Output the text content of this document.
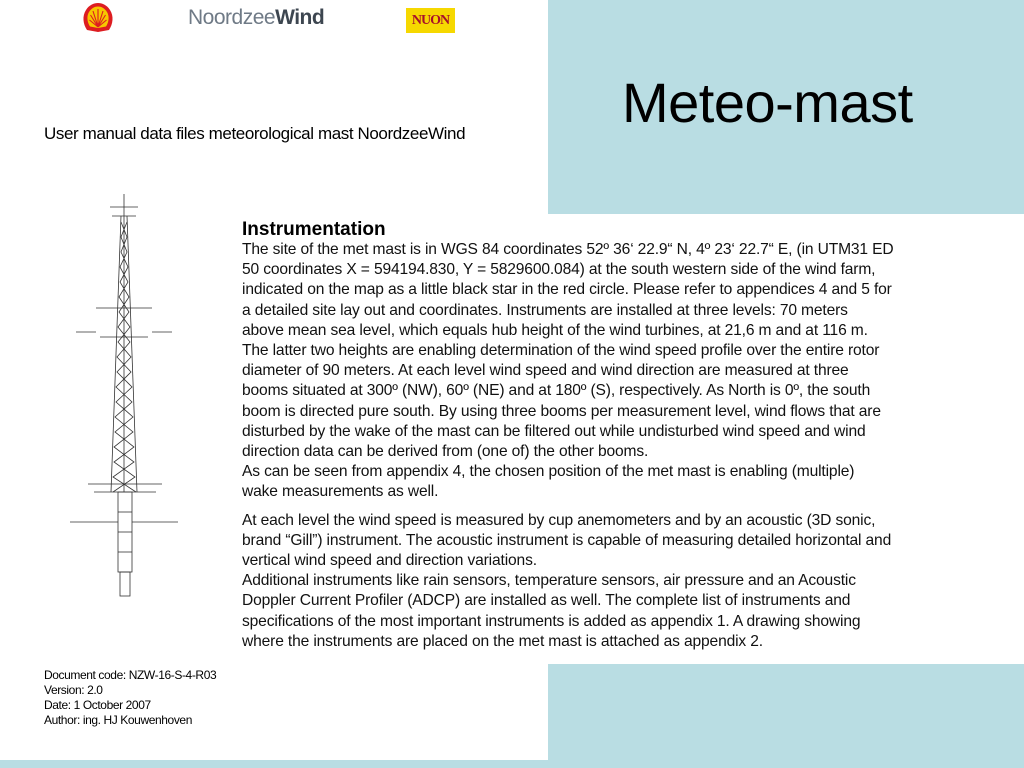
NoordzeeWind	NUON
User manual data files meteorological mast NoordzeeWind
Document code: NZW-16-S-4-R03
Version: 2.0
Date: 1 October 2007
Author: ing. HJ Kouwenhoven
Meteo-mast
Instrumentation

The site of the met mast is in WGS 84 coordinates 52º 36‘ 22.9“ N, 4º 23‘ 22.7“ E, (in UTM31 ED

50 coordinates X = 594194.830, Y = 5829600.084) at the south western side of the wind farm,

indicated on the map as a little black star in the red circle. Please refer to appendices 4 and 5 for

a detailed site lay out and coordinates. Instruments are installed at three levels: 70 meters

above mean sea level, which equals hub height of the wind turbines, at 21,6 m and at 116 m.

The latter two heights are enabling determination of the wind speed profile over the entire rotor

diameter of 90 meters. At each level wind speed and wind direction are measured at three

booms situated at 300º (NW), 60º (NE) and at 180º (S), respectively. As North is 0º, the south

boom is directed pure south. By using three booms per measurement level, wind flows that are

disturbed by the wake of the mast can be filtered out while undisturbed wind speed and wind

direction data can be derived from (one of) the other booms.

As can be seen from appendix 4, the chosen position of the met mast is enabling (multiple)

wake measurements as well.

At each level the wind speed is measured by cup anemometers and by an acoustic (3D sonic,

brand “Gill”) instrument. The acoustic instrument is capable of measuring detailed horizontal and

vertical wind speed and direction variations.

Additional instruments like rain sensors, temperature sensors, air pressure and an Acoustic

Doppler Current Profiler (ADCP) are installed as well. The complete list of instruments and

specifications of the most important instruments is added as appendix 1. A drawing showing

where the instruments are placed on the met mast is attached as appendix 2.
